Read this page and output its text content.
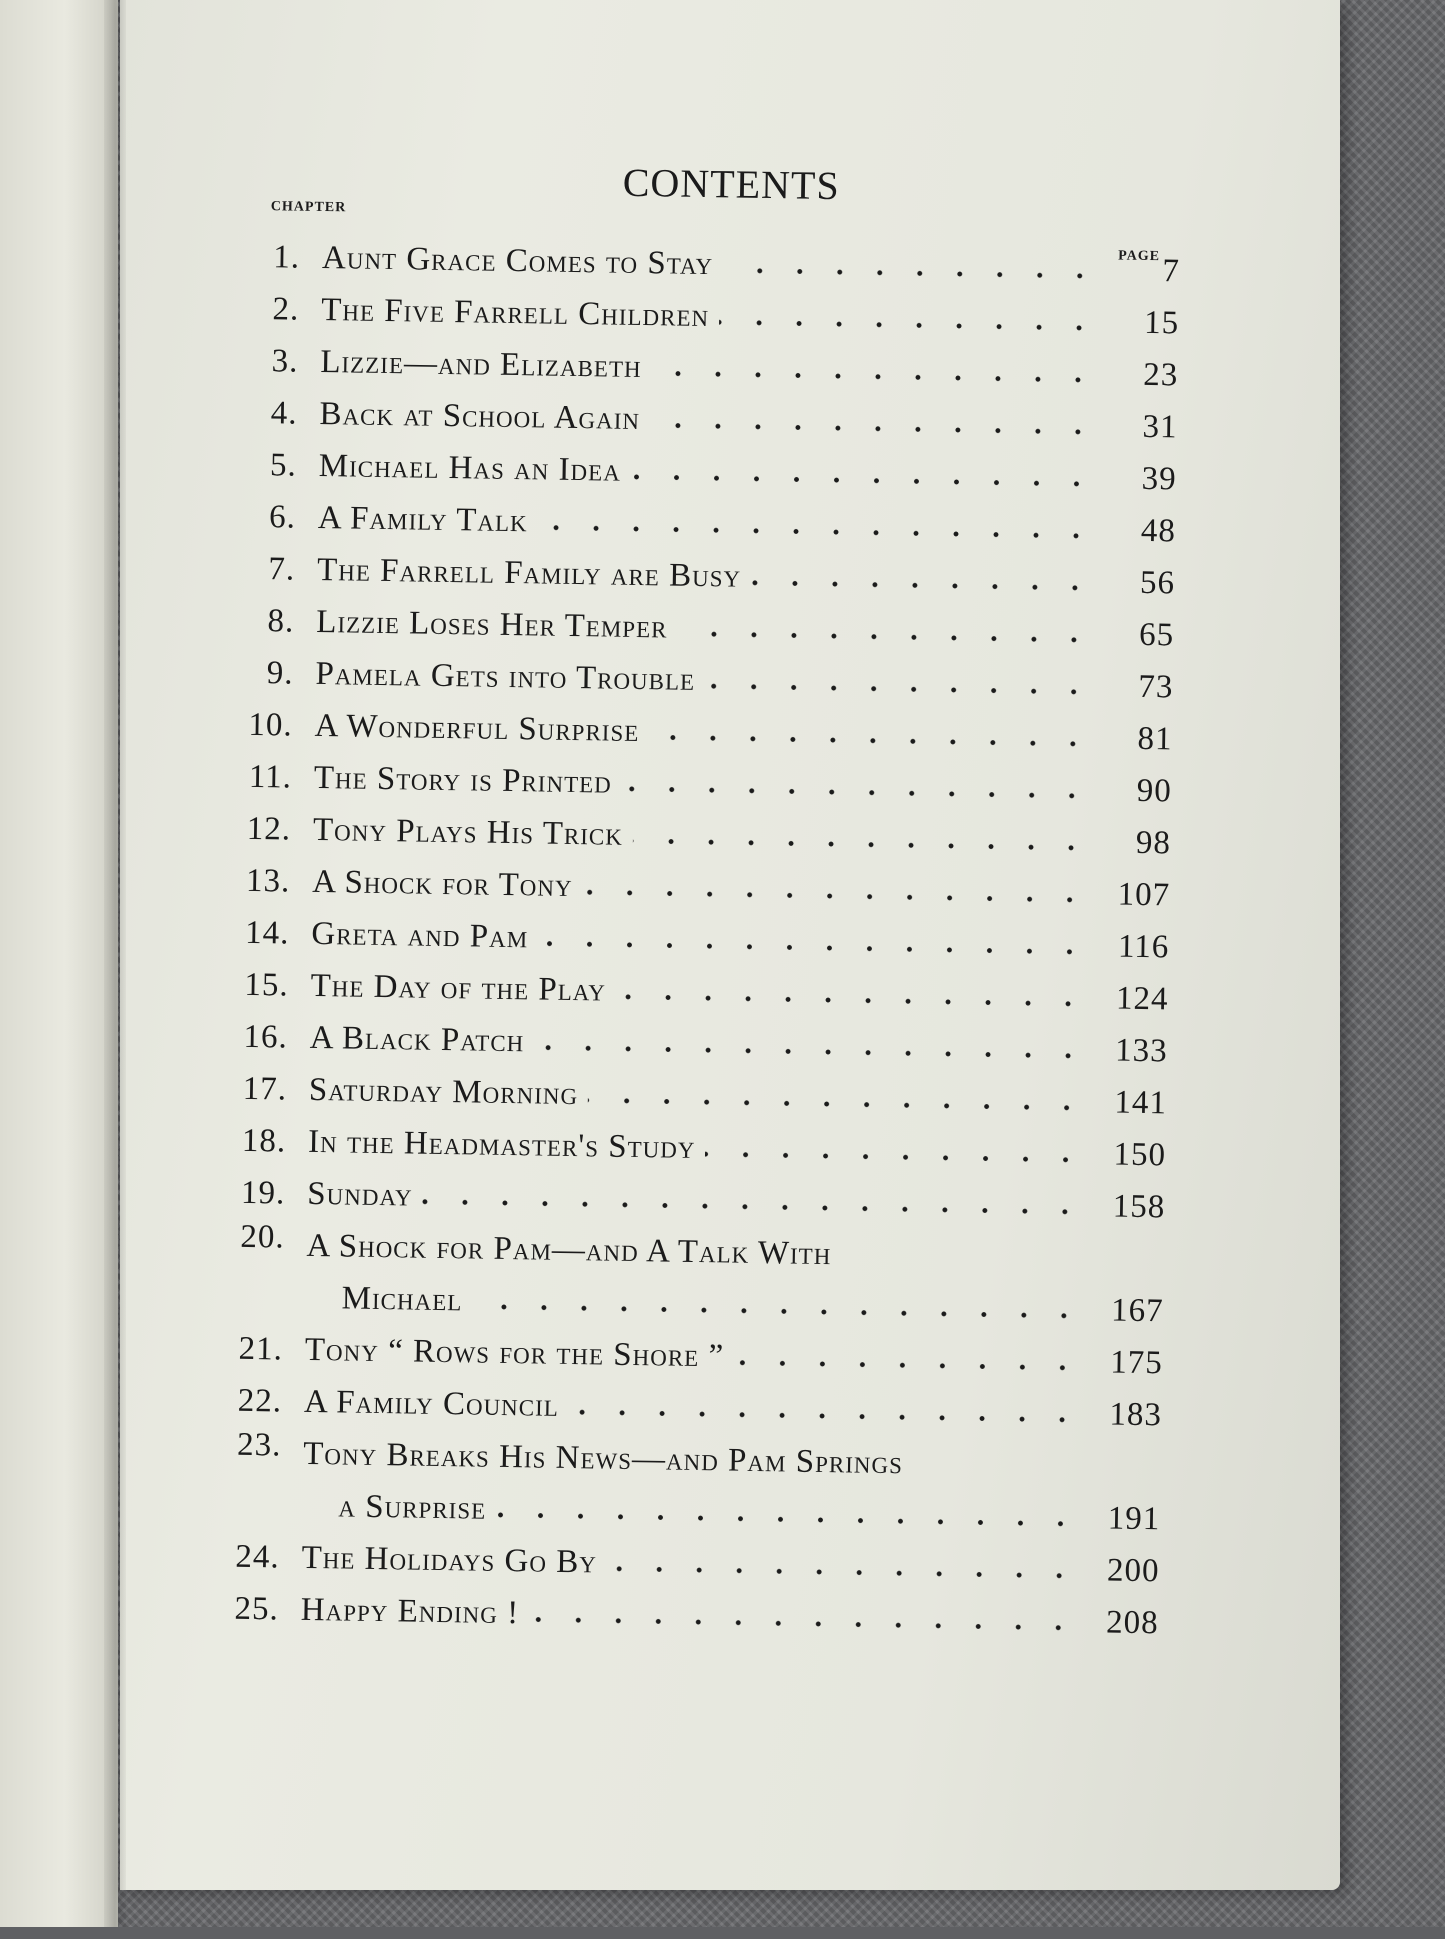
CONTENTS
CHAPTER
PAGE
1. Aunt Grace Comes to Stay	7
2. The Five Farrell Children	15
3. Lizzie—and Elizabeth	23
4. Back at School Again	31
5. Michael Has an Idea	39
6. A Family Talk	48
7. The Farrell Family are Busy	56
8. Lizzie Loses Her Temper	65
9. Pamela Gets into Trouble	73
10. A Wonderful Surprise	81
11. The Story is Printed	90
12. Tony Plays His Trick	98
13. A Shock for Tony	107
14. Greta and Pam	116
15. The Day of the Play	124
16. A Black Patch	133
17. Saturday Morning	141
18. In the Headmaster's Study	150
19. Sunday	158
20. A Shock for Pam—and A Talk With
Michael	167
21. Tony “ Rows for the Shore ”	175
22. A Family Council	183
23. Tony Breaks His News—and Pam Springs
a Surprise	191
24. The Holidays Go By	200
25. Happy Ending !	208
